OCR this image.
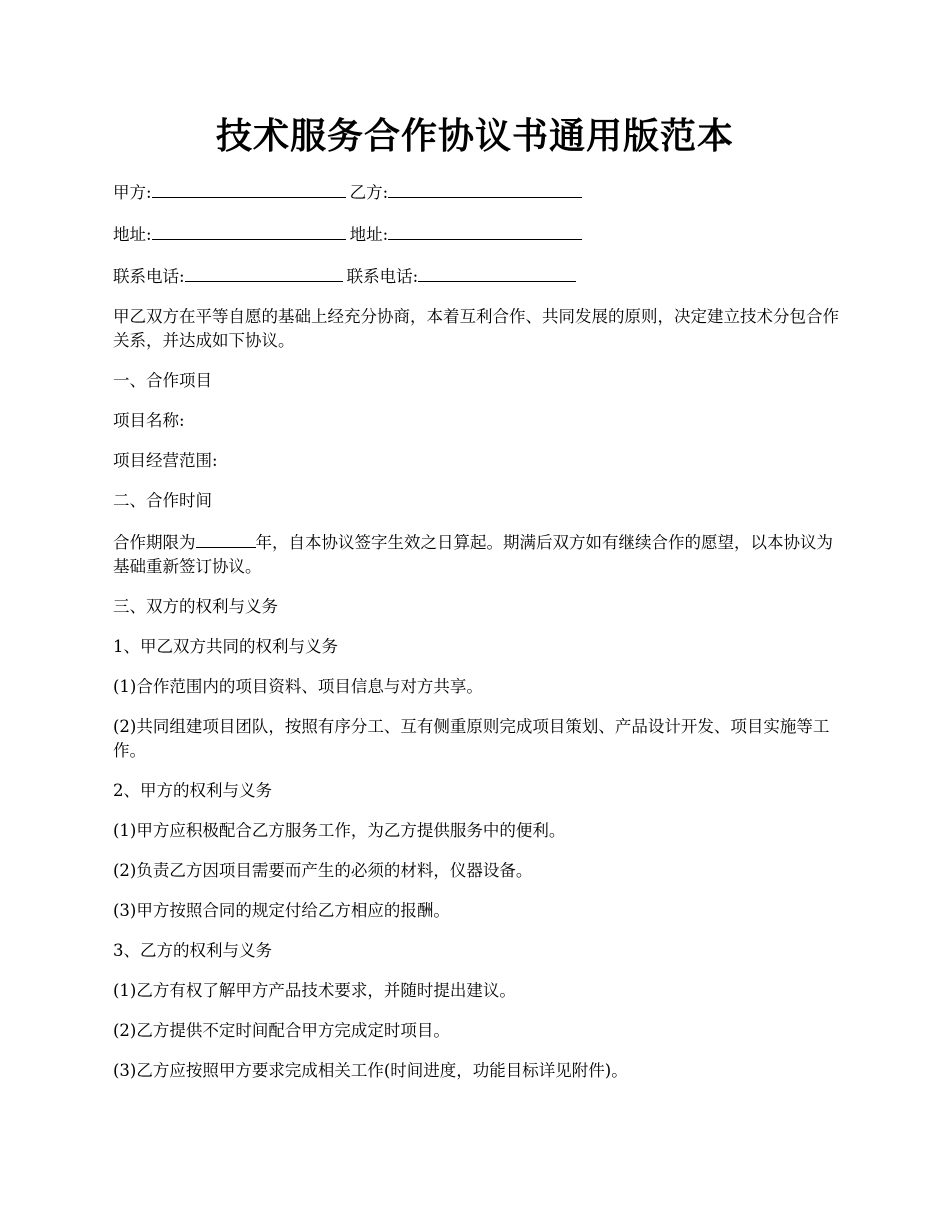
技术服务合作协议书通用版范本
甲方:	乙方:
地址:	地址:
联系电话:	联系电话:

甲乙双方在平等自愿的基础上经充分协商，本着互利合作、共同发展的原则，决定建立技术分包合作关系，并达成如下协议。

一、合作项目

项目名称:

项目经营范围:

二、合作时间

合作期限为	年，自本协议签字生效之日算起。期满后双方如有继续合作的愿望，以本协议为基础重新签订协议。

三、双方的权利与义务

1、甲乙双方共同的权利与义务

(1)合作范围内的项目资料、项目信息与对方共享。

(2)共同组建项目团队，按照有序分工、互有侧重原则完成项目策划、产品设计开发、项目实施等工作。

2、甲方的权利与义务

(1)甲方应积极配合乙方服务工作，为乙方提供服务中的便利。

(2)负责乙方因项目需要而产生的必须的材料，仪器设备。

(3)甲方按照合同的规定付给乙方相应的报酬。

3、乙方的权利与义务

(1)乙方有权了解甲方产品技术要求，并随时提出建议。

(2)乙方提供不定时间配合甲方完成定时项目。

(3)乙方应按照甲方要求完成相关工作(时间进度，功能目标详见附件)。
